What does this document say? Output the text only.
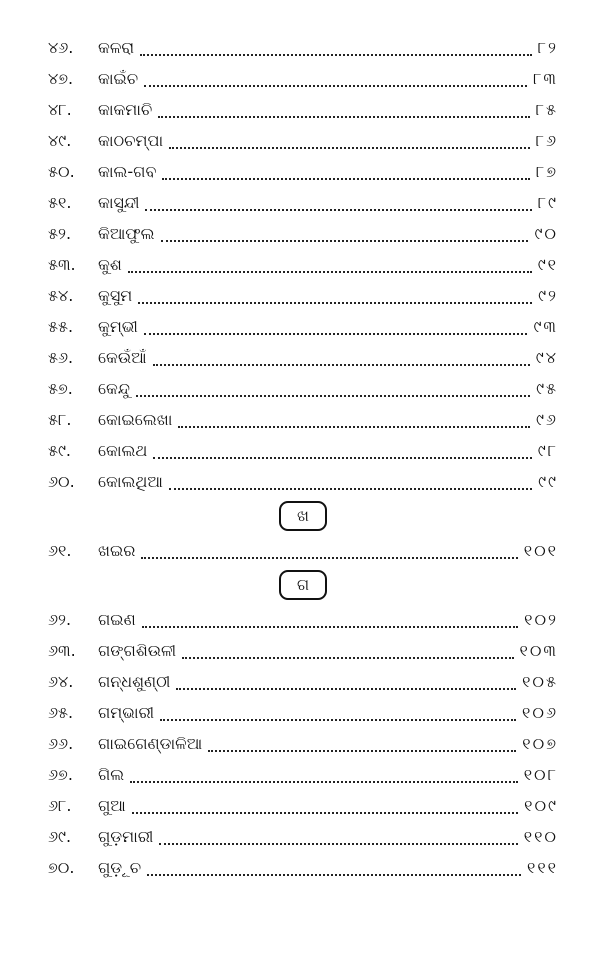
୪୬.	କଳରା	୮୨
୪୭.	କାଇଁଚ	୮୩
୪୮.	କାକମାଚି	୮୫
୪୯.	କାଠଚମ୍ପା	୮୬
୫୦.	କାଲ-ଗବ	୮୭
୫୧.	କାସୁନ୍ଦୀ	୮୯
୫୨.	କିଆଫୁଲ	୯୦
୫୩.	କୁଶ	୯୧
୫୪.	କୁସୁମ	୯୨
୫୫.	କୁମ୍ଭୀ	୯୩
୫୬.	କେଉଁଆଁ	୯୪
୫୭.	କେନ୍ଦୁ	୯୫
୫୮.	କୋଇଲେଖା	୯୬
୫୯.	କୋଲଥ	୯୮
୬୦.	କୋଲଥିଆ	୯୯
ଖ
୬୧.	ଖଇର	୧୦୧
ଗ
୬୨.	ଗଇଣ	୧୦୨
୬୩.	ଗଙ୍ଗଶିଉଳୀ	୧୦୩
୬୪.	ଗନ୍ଧଶୁଣ୍ଠୀ	୧୦୫
୬୫.	ଗମ୍ଭାରୀ	୧୦୬
୬୬.	ଗାଇଗେଣ୍ଡାଳିଆ	୧୦୭
୬୭.	ଗିଲ	୧୦୮
୬୮.	ଗୁଆ	୧୦୯
୬୯.	ଗୁଡ଼ମାରୀ	୧୧୦
୭୦.	ଗୁଡ଼ୂଚ	୧୧୧
